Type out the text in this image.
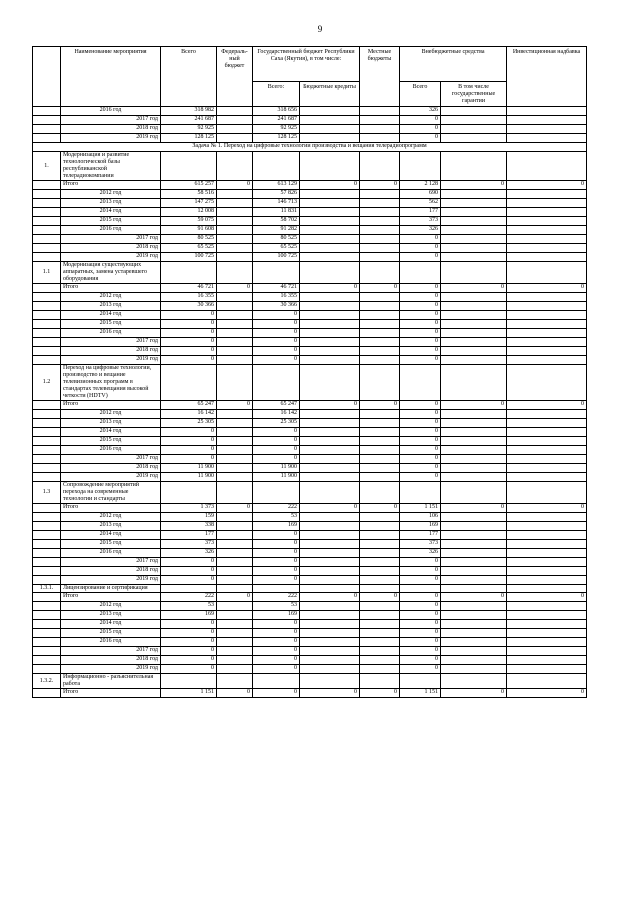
9
	Наименование мероприятия	Всего	Федераль-ный бюджет	Государственный бюджет Республики Саха (Якутия), в том числе:		Местные бюджеты	Внебюджетные средства		Инвестиционная надбавка
				Всего:	Бюджетные кредиты		Всего	В том числе государственные гарантии	
	2016 год	318 982		318 656			326		
	2017 год	241 687		241 687			0		
	2018 год	92 925		92 925			0		
	2019 год	128 125		128 125			0		
Задача № 1. Переход на цифровые технологии производства и вещания телерадиопрограмм									
1.	Модернизация и развитие технологической базы республиканской телерадиокомпании								
	Итого	615 257	0	613 129	0	0	2 128	0	0
	2012 год	58 516		57 826			690		
	2013 год	147 275		146 713			562		
	2014 год	12 008		11 831			177		
	2015 год	59 075		58 702			373		
	2016 год	91 608		91 282			326		
	2017 год	80 525		80 525			0		
	2018 год	65 525		65 525			0		
	2019 год	100 725		100 725			0		
1.1	Модернизация существующих аппаратных, замена устаревшего оборудования								
	Итого	46 721	0	46 721	0	0	0	0	0
	2012 год	16 355		16 355			0		
	2013 год	30 366		30 366			0		
	2014 год	0		0			0		
	2015 год	0		0			0		
	2016 год	0		0			0		
	2017 год	0		0			0		
	2018 год	0		0			0		
	2019 год	0		0			0		
1.2	Переход на цифровые технологии, производство и вещание телевизионных программ в стандартах телевещания высокой четкости (HDTV)								
	Итого	65 247	0	65 247	0	0	0	0	0
	2012 год	16 142		16 142			0		
	2013 год	25 305		25 305			0		
	2014 год	0		0			0		
	2015 год	0		0			0		
	2016 год	0		0			0		
	2017 год	0		0			0		
	2018 год	11 900		11 900			0		
	2019 год	11 900		11 900			0		
1.3	Сопровождение мероприятий перехода на современные технологии и стандарты								
	Итого	1 373	0	222	0	0	1 151	0	0
	2012 год	159		53			106		
	2013 год	338		169			169		
	2014 год	177		0			177		
	2015 год	373		0			373		
	2016 год	326		0			326		
	2017 год	0		0			0		
	2018 год	0		0			0		
	2019 год	0		0			0		
1.3.1.	Лицензирование и сертификация								
	Итого	222	0	222	0	0	0	0	0
	2012 год	53		53			0		
	2013 год	169		169			0		
	2014 год	0		0			0		
	2015 год	0		0			0		
	2016 год	0		0			0		
	2017 год	0		0			0		
	2018 год	0		0			0		
	2019 год	0		0			0		
1.3.2.	Информационно - разъяснительная работа								
	Итого	1 151	0	0	0	0	1 151	0	0
